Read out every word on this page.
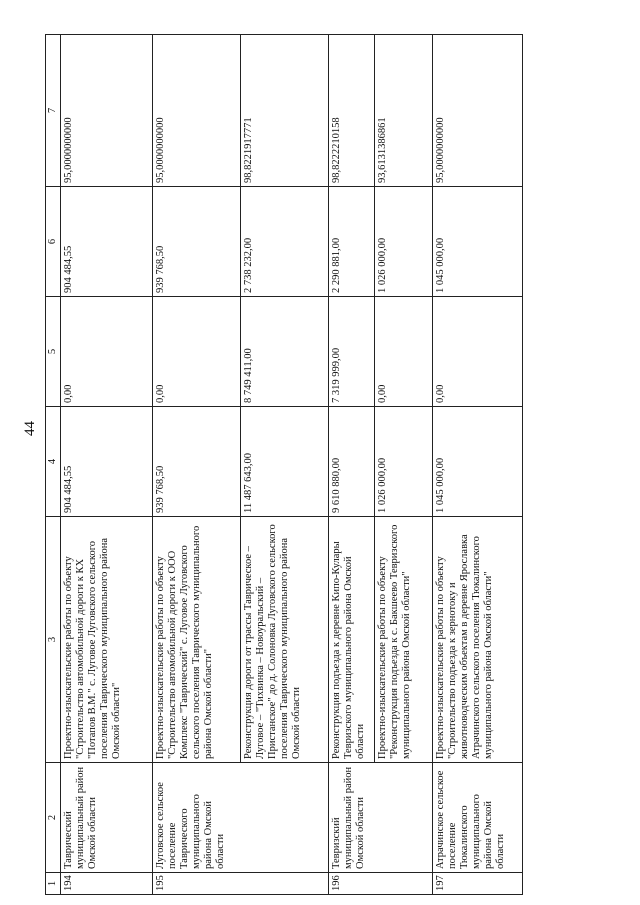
44
1	2	3	4	5	6	7
194	Таврический муниципальный район Омской области	Проектно-изыскательские работы по объекту "Строительство автомобильной дороги к КХ "Потапов В.М." с. Луговое Луговского сельского поселения Таврического муниципального района Омской области"	904 484,55	0,00	904 484,55	95,0000000000
195	Луговское сельское поселение Таврического муниципального района Омской области	Проектно-изыскательские работы по объекту "Строительство автомобильной дороги к ООО Комплекс "Таврический" с. Луговое Луговского сельского поселения Таврического муниципального района Омской области"	939 768,50	0,00	939 768,50	95,0000000000
		Реконструкция дороги от трассы Таврическое – Луговое – "Тихвинка – Новоуральский – Пристанское" до д. Солоновка Луговского сельского поселения Таврического муниципального района Омской области	11 487 643,00	8 749 411,00	2 738 232,00	98,8221917771
196	Тевризский муниципальный район Омской области	Реконструкция подъезда к деревне Кипо-Кулары Тевризского муниципального района Омской области	9 610 880,00	7 319 999,00	2 290 881,00	98,8222210158
		Проектно-изыскательские работы по объекту "Реконструкция подъезда к с. Бакшеево Тевризского муниципального района Омской области"	1 026 000,00	0,00	1 026 000,00	93,6131386861
197	Атрачинское сельское поселение Тюкалинского муниципального района Омской области	Проектно-изыскательские работы по объекту "Строительство подъезда к зернотоку и животноводческим объектам в деревне Ярославка Атрачинского сельского поселения Тюкалинского муниципального района Омской области"	1 045 000,00	0,00	1 045 000,00	95,0000000000
